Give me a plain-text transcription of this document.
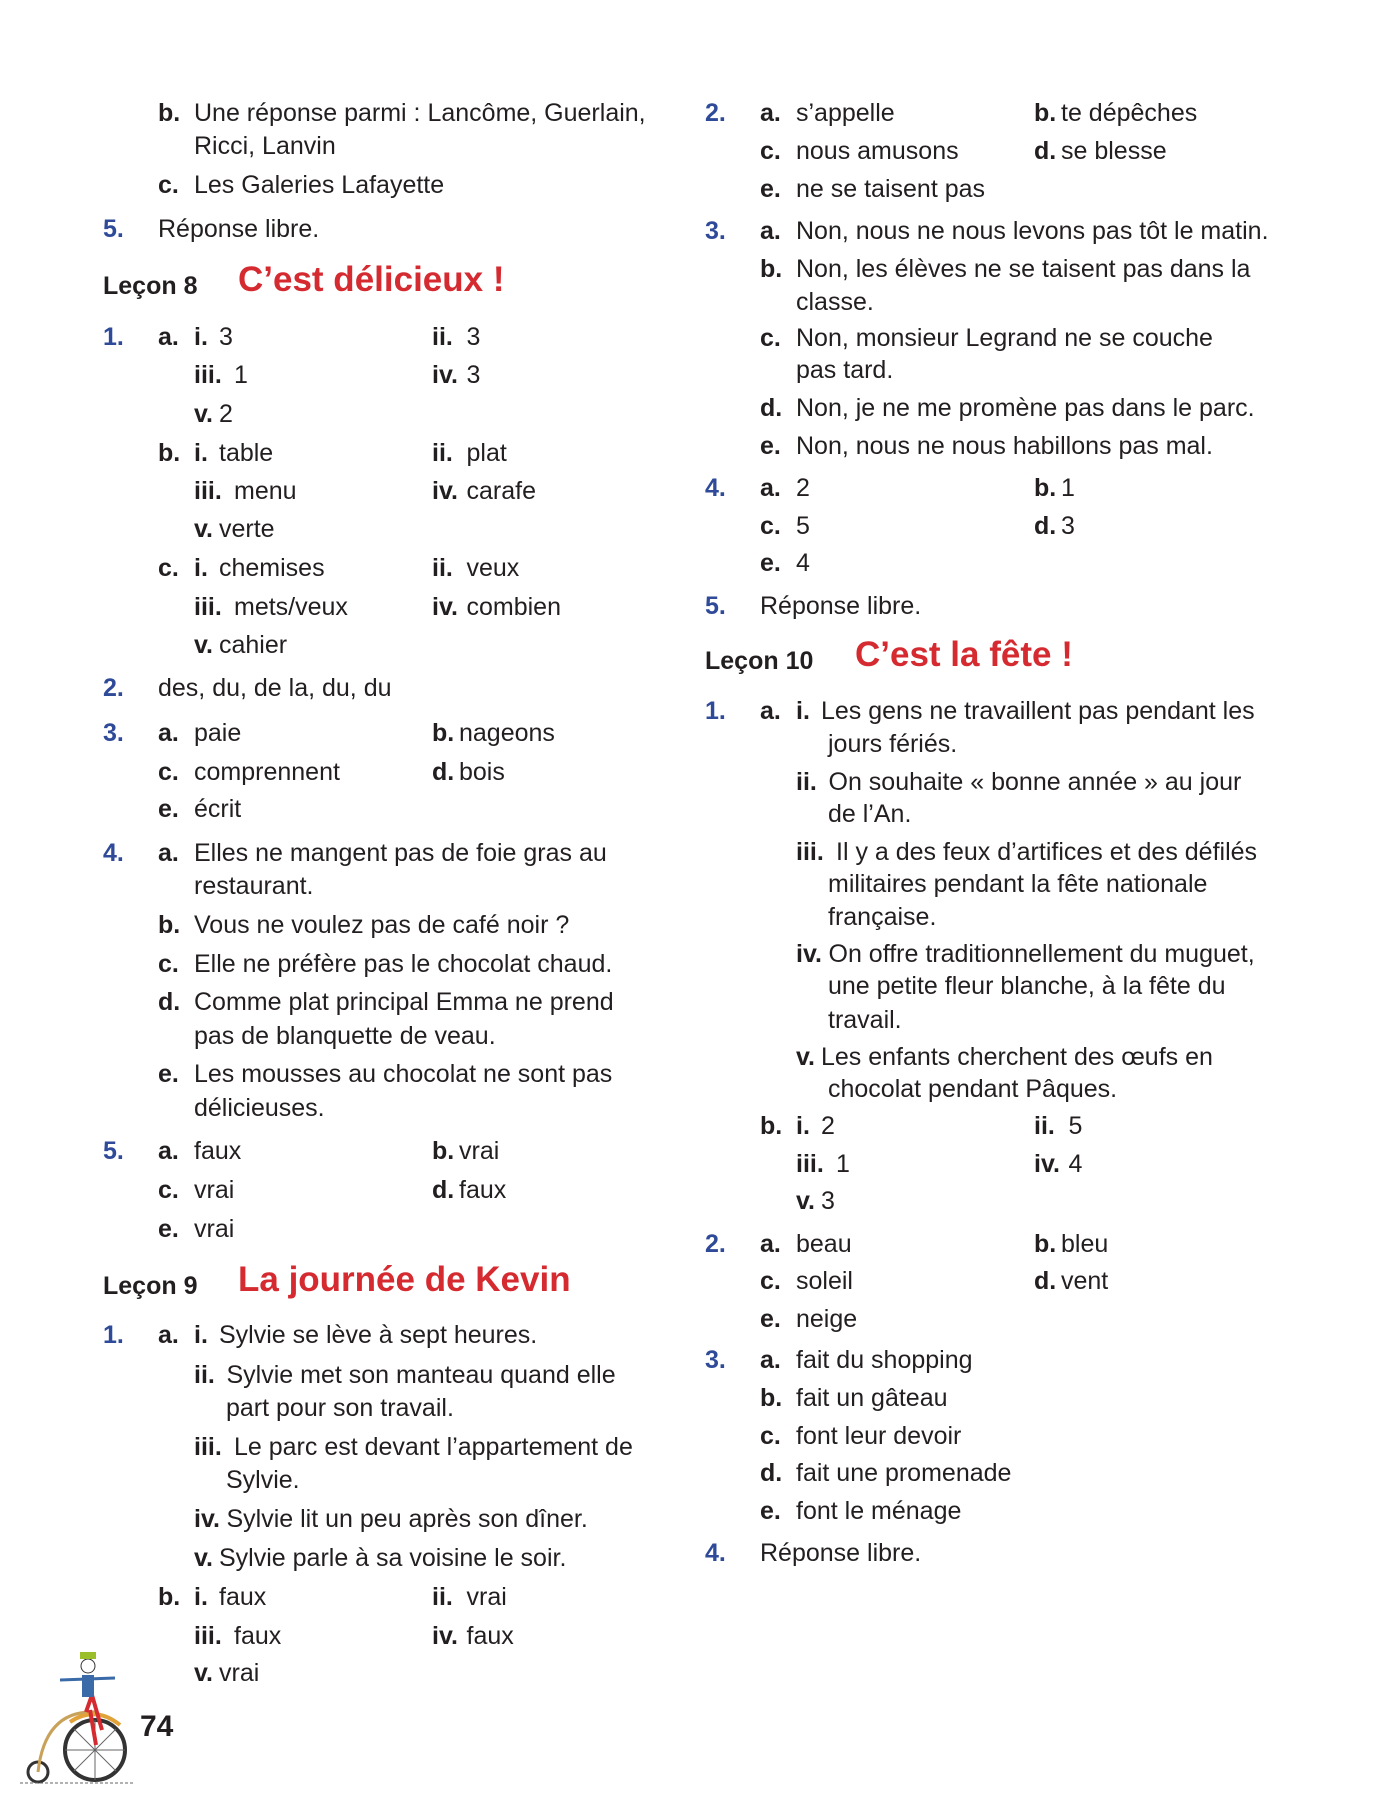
b. Une réponse parmi : Lancôme, Guerlain,
Ricci, Lanvin
c. Les Galeries Lafayette
5. Réponse libre.
Leçon 8 C’est délicieux !
1. a. i. 3	ii. 3
iii. 1	iv. 3
v. 2
b. i. table	ii. plat
iii. menu	iv. carafe
v. verte
c. i. chemises	ii. veux
iii. mets/veux	iv. combien
v. cahier
2. des, du, de la, du, du
3. a. paie	b. nageons
c. comprennent	d. bois
e. écrit
4. a. Elles ne mangent pas de foie gras au
restaurant.
b. Vous ne voulez pas de café noir ?
c. Elle ne préfère pas le chocolat chaud.
d. Comme plat principal Emma ne prend
pas de blanquette de veau.
e. Les mousses au chocolat ne sont pas
délicieuses.
5. a. faux	b. vrai
c. vrai	d. faux
e. vrai
Leçon 9 La journée de Kevin
1. a. i. Sylvie se lève à sept heures.
ii. Sylvie met son manteau quand elle
part pour son travail.
iii. Le parc est devant l’appartement de
Sylvie.
iv. Sylvie lit un peu après son dîner.
v. Sylvie parle à sa voisine le soir.
b. i. faux	ii. vrai
iii. faux	iv. faux
v. vrai
2. a. s’appelle	b. te dépêches
c. nous amusons	d. se blesse
e. ne se taisent pas
3. a. Non, nous ne nous levons pas tôt le matin.
b. Non, les élèves ne se taisent pas dans la
classe.
c. Non, monsieur Legrand ne se couche
pas tard.
d. Non, je ne me promène pas dans le parc.
e. Non, nous ne nous habillons pas mal.
4. a. 2	b. 1
c. 5	d. 3
e. 4
5. Réponse libre.
Leçon 10 C’est la fête !
1. a. i. Les gens ne travaillent pas pendant les
jours fériés.
ii. On souhaite « bonne année » au jour
de l’An.
iii. Il y a des feux d’artifices et des défilés
militaires pendant la fête nationale
française.
iv. On offre traditionnellement du muguet,
une petite fleur blanche, à la fête du
travail.
v. Les enfants cherchent des œufs en
chocolat pendant Pâques.
b. i. 2	ii. 5
iii. 1	iv. 4
v. 3
2. a. beau	b. bleu
c. soleil	d. vent
e. neige
3. a. fait du shopping
b. fait un gâteau
c. font leur devoir
d. fait une promenade
e. font le ménage
4. Réponse libre.
74
